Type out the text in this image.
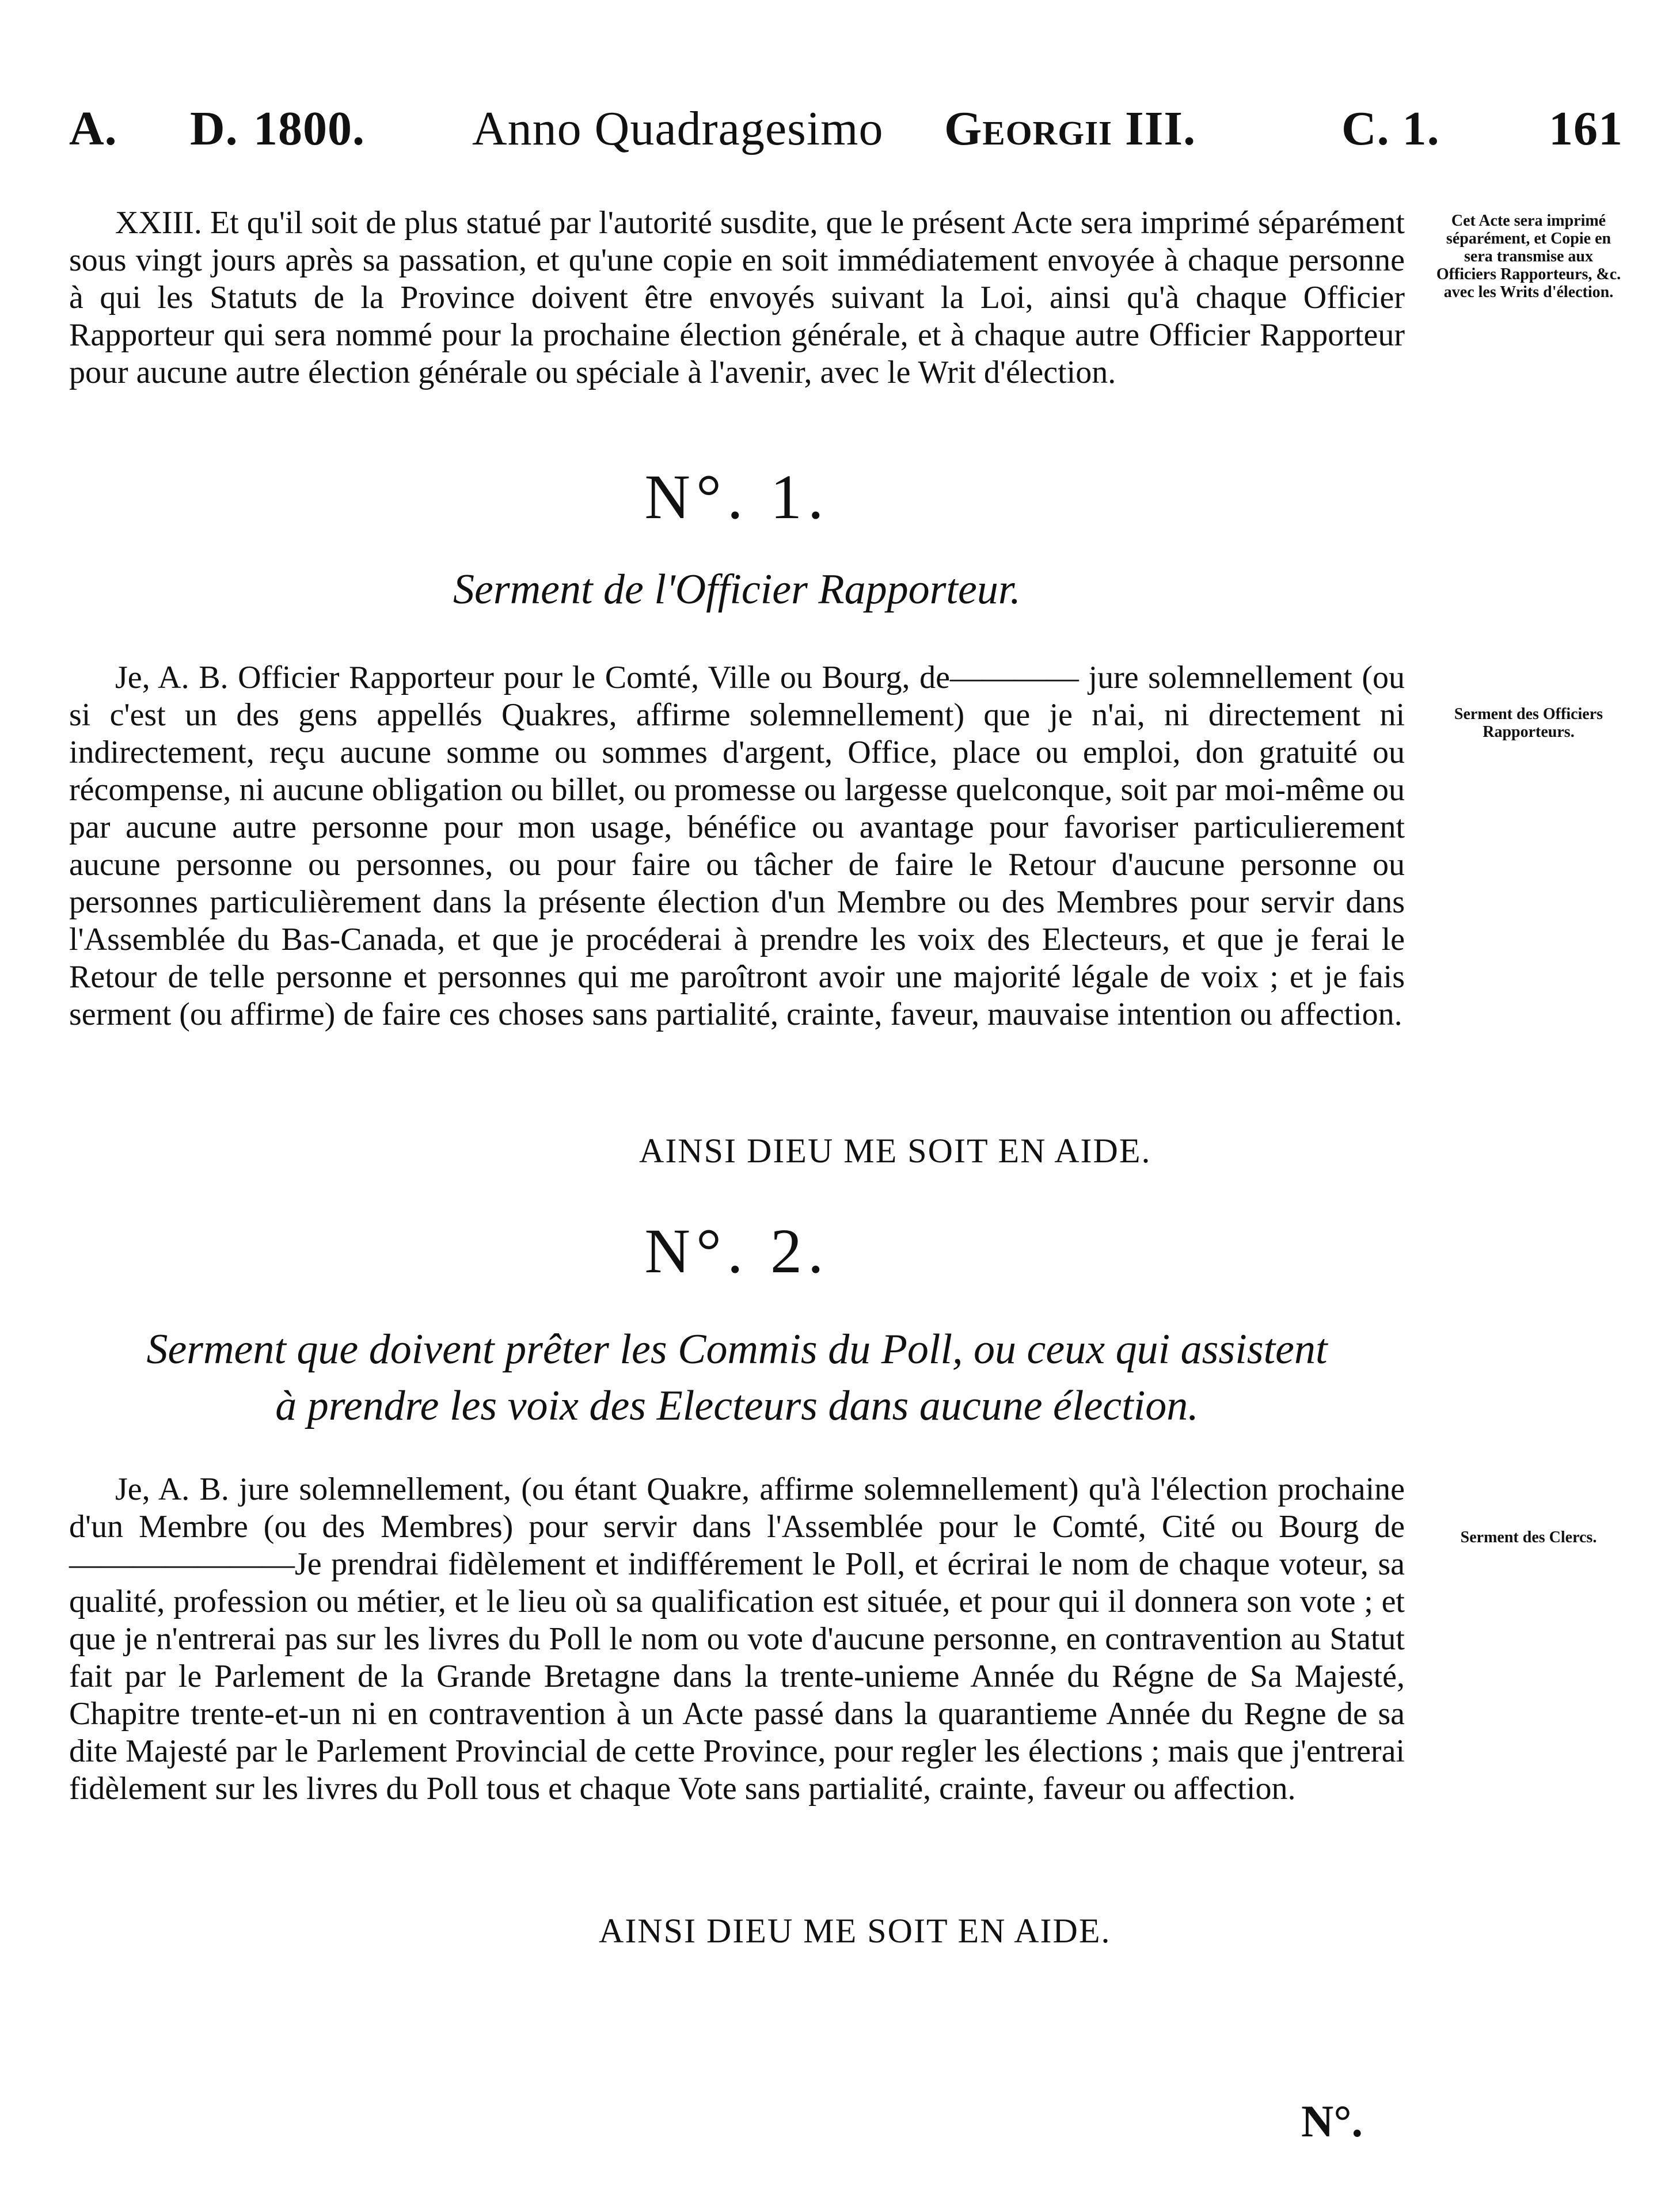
A. D. 1800. Anno Quadragesimo Georgii III.	C. 1. 161

XXIII. Et qu'il soit de plus statué par l'autorité susdite, que le présent Acte sera imprimé séparément sous vingt jours après sa passation, et qu'une copie en soit immédiatement envoyée à chaque personne à qui les Statuts de la Province doivent être envoyés suivant la Loi, ainsi qu'à chaque Officier Rapporteur qui sera nommé pour la prochaine élection générale, et à chaque autre Officier Rapporteur pour aucune autre élection générale ou spéciale à l'avenir, avec le Writ d'élection.

Cet Acte sera imprimé séparément, et Copie en sera transmise aux Officiers Rapporteurs, &c. avec les Writs d'élection.
N°. 1.
Serment de l'Officier Rapporteur.

Je, A. B. Officier Rapporteur pour le Comté, Ville ou Bourg, de———— jure solemnellement (ou si c'est un des gens appellés Quakres, affirme solemnellement) que je n'ai, ni directement ni indirectement, reçu aucune somme ou sommes d'argent, Office, place ou emploi, don gratuité ou récompense, ni aucune obligation ou billet, ou promesse ou largesse quelconque, soit par moi-même ou par aucune autre personne pour mon usage, bénéfice ou avantage pour favoriser particulierement aucune personne ou personnes, ou pour faire ou tâcher de faire le Retour d'aucune personne ou personnes particulièrement dans la présente élection d'un Membre ou des Membres pour servir dans l'Assemblée du Bas-Canada, et que je procéderai à prendre les voix des Electeurs, et que je ferai le Retour de telle personne et personnes qui me paroîtront avoir une majorité légale de voix ; et je fais serment (ou affirme) de faire ces choses sans partialité, crainte, faveur, mauvaise intention ou affection.

Serment des Officiers Rapporteurs.
AINSI DIEU ME SOIT EN AIDE.
N°. 2.
Serment que doivent prêter les Commis du Poll, ou ceux qui assistent
à prendre les voix des Electeurs dans aucune élection.

Je, A. B. jure solemnellement, (ou étant Quakre, affirme solemnellement) qu'à l'élection prochaine d'un Membre (ou des Membres) pour servir dans l'Assemblée pour le Comté, Cité ou Bourg de———————Je prendrai fidèlement et indifférement le Poll, et écrirai le nom de chaque voteur, sa qualité, profession ou métier, et le lieu où sa qualification est située, et pour qui il donnera son vote ; et que je n'entrerai pas sur les livres du Poll le nom ou vote d'aucune personne, en contravention au Statut fait par le Parlement de la Grande Bretagne dans la trente-unieme Année du Régne de Sa Majesté, Chapitre trente-et-un ni en contravention à un Acte passé dans la quarantieme Année du Regne de sa dite Majesté par le Parlement Provincial de cette Province, pour regler les élections ; mais que j'entrerai fidèlement sur les livres du Poll tous et chaque Vote sans partialité, crainte, faveur ou affection.

Serment des Clercs.
AINSI DIEU ME SOIT EN AIDE.
N°.
